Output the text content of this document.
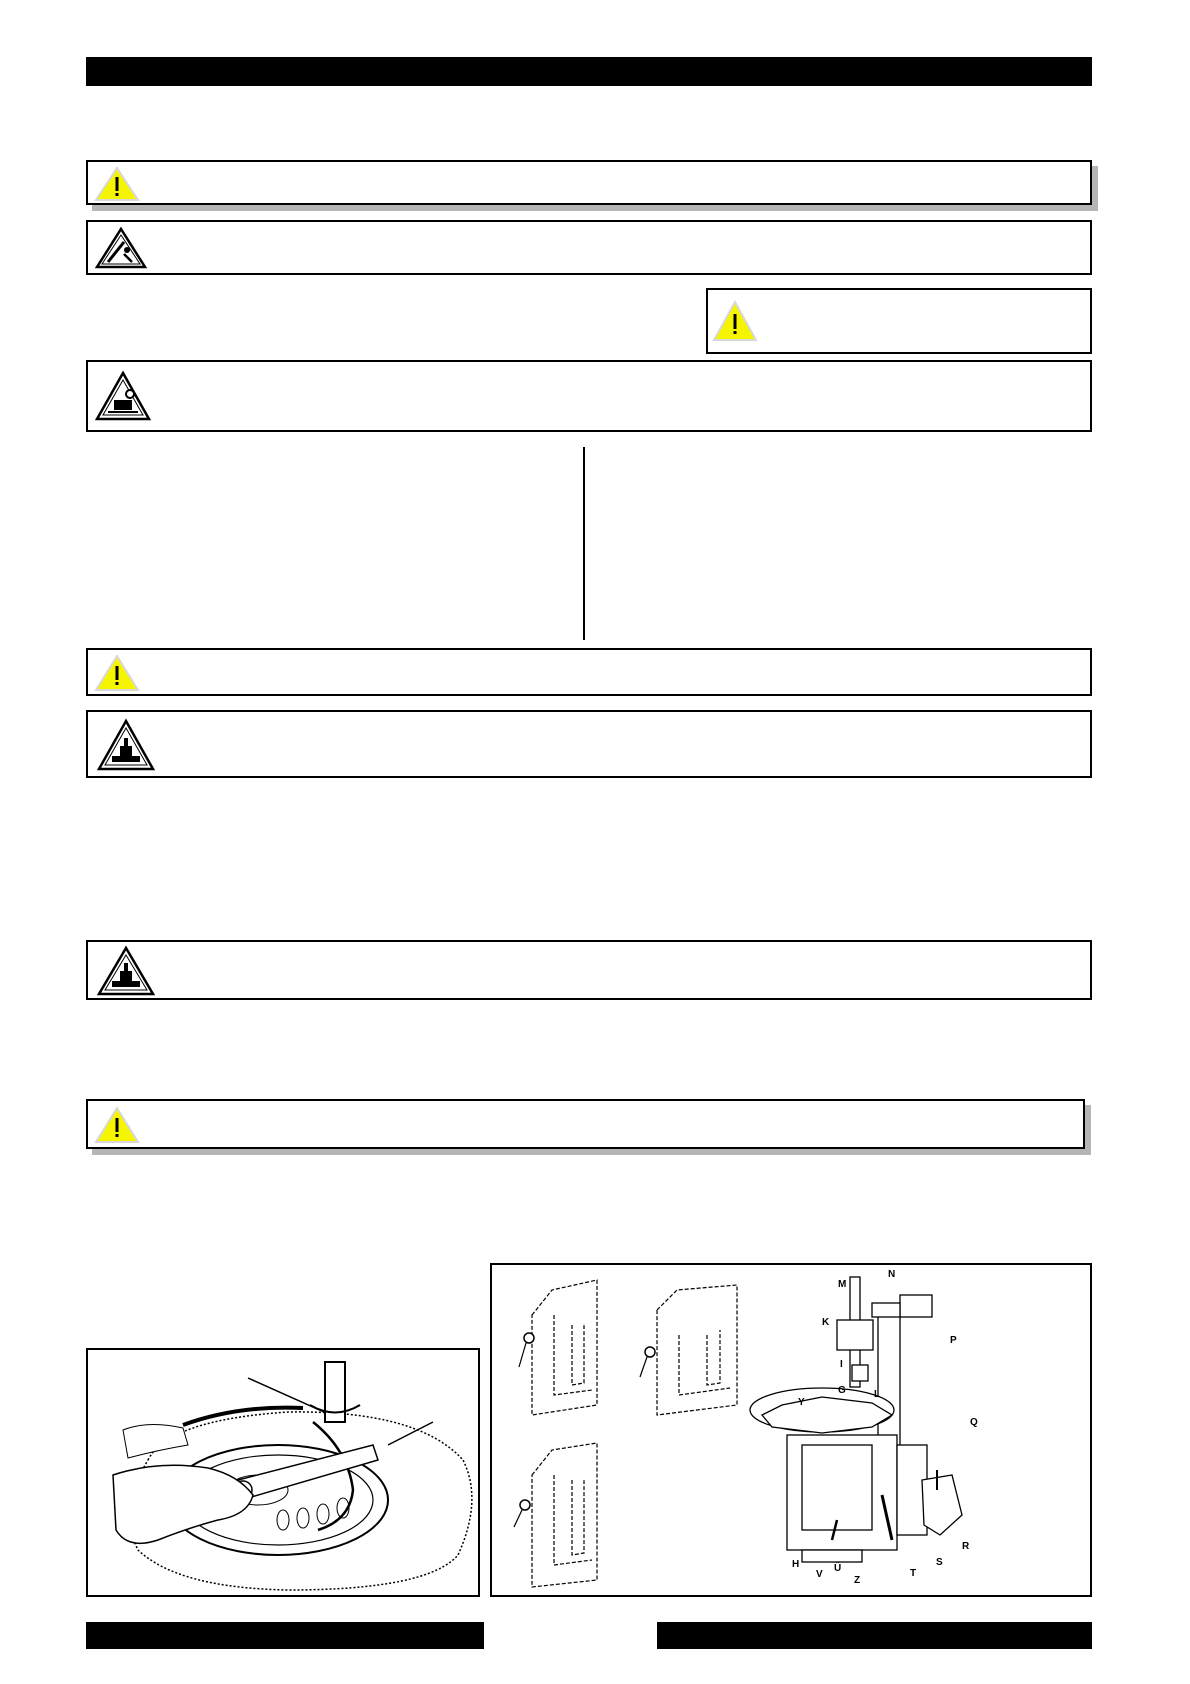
M
N
K
P
I
G	L
Y
Q
R
H
V
Ü
Z
T
S
